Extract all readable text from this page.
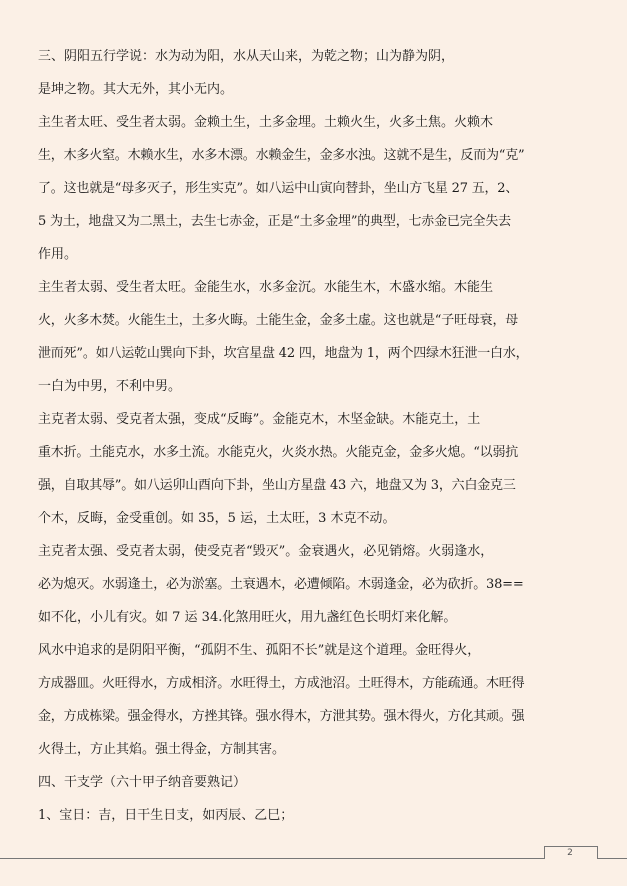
三、阴阳五行学说：水为动为阳，水从天山来，为乾之物；山为静为阴，
是坤之物。其大无外，其小无内。
主生者太旺、受生者太弱。金赖土生，土多金埋。土赖火生，火多土焦。火赖木
生，木多火窒。木赖水生，水多木漂。水赖金生，金多水浊。这就不是生，反而为“克”
了。这也就是“母多灭子，形生实克”。如八运中山寅向替卦，坐山方飞星 27 五，2、
5 为土，地盘又为二黑土，去生七赤金，正是“土多金埋”的典型，七赤金已完全失去
作用。
主生者太弱、受生者太旺。金能生水，水多金沉。水能生木，木盛水缩。木能生
火，火多木焚。火能生土，土多火晦。土能生金，金多土虚。这也就是“子旺母衰，母
泄而死”。如八运乾山巽向下卦，坎宫星盘 42 四，地盘为 1，两个四绿木狂泄一白水，
一白为中男，不利中男。
主克者太弱、受克者太强，变成“反晦”。金能克木，木坚金缺。木能克土，土
重木折。土能克水，水多土流。水能克火，火炎水热。火能克金，金多火熄。“以弱抗
强，自取其辱”。如八运卯山酉向下卦，坐山方星盘 43 六，地盘又为 3，六白金克三
个木，反晦，金受重创。如 35，5 运，土太旺，3 木克不动。
主克者太强、受克者太弱，使受克者“毁灭”。金衰遇火，必见销熔。火弱逢水，
必为熄灭。水弱逢土，必为淤塞。土衰遇木，必遭倾陷。木弱逢金，必为砍折。38==
如不化，小儿有灾。如 7 运 34.化煞用旺火，用九盏红色长明灯来化解。
风水中追求的是阴阳平衡，“孤阴不生、孤阳不长”就是这个道理。金旺得火，
方成器皿。火旺得水，方成相济。水旺得土，方成池沼。土旺得木，方能疏通。木旺得
金，方成栋梁。强金得水，方挫其锋。强水得木，方泄其势。强木得火，方化其顽。强
火得土，方止其焰。强土得金，方制其害。
四、干支学（六十甲子纳音要熟记）
1、宝日：吉，日干生日支，如丙辰、乙巳；
2
